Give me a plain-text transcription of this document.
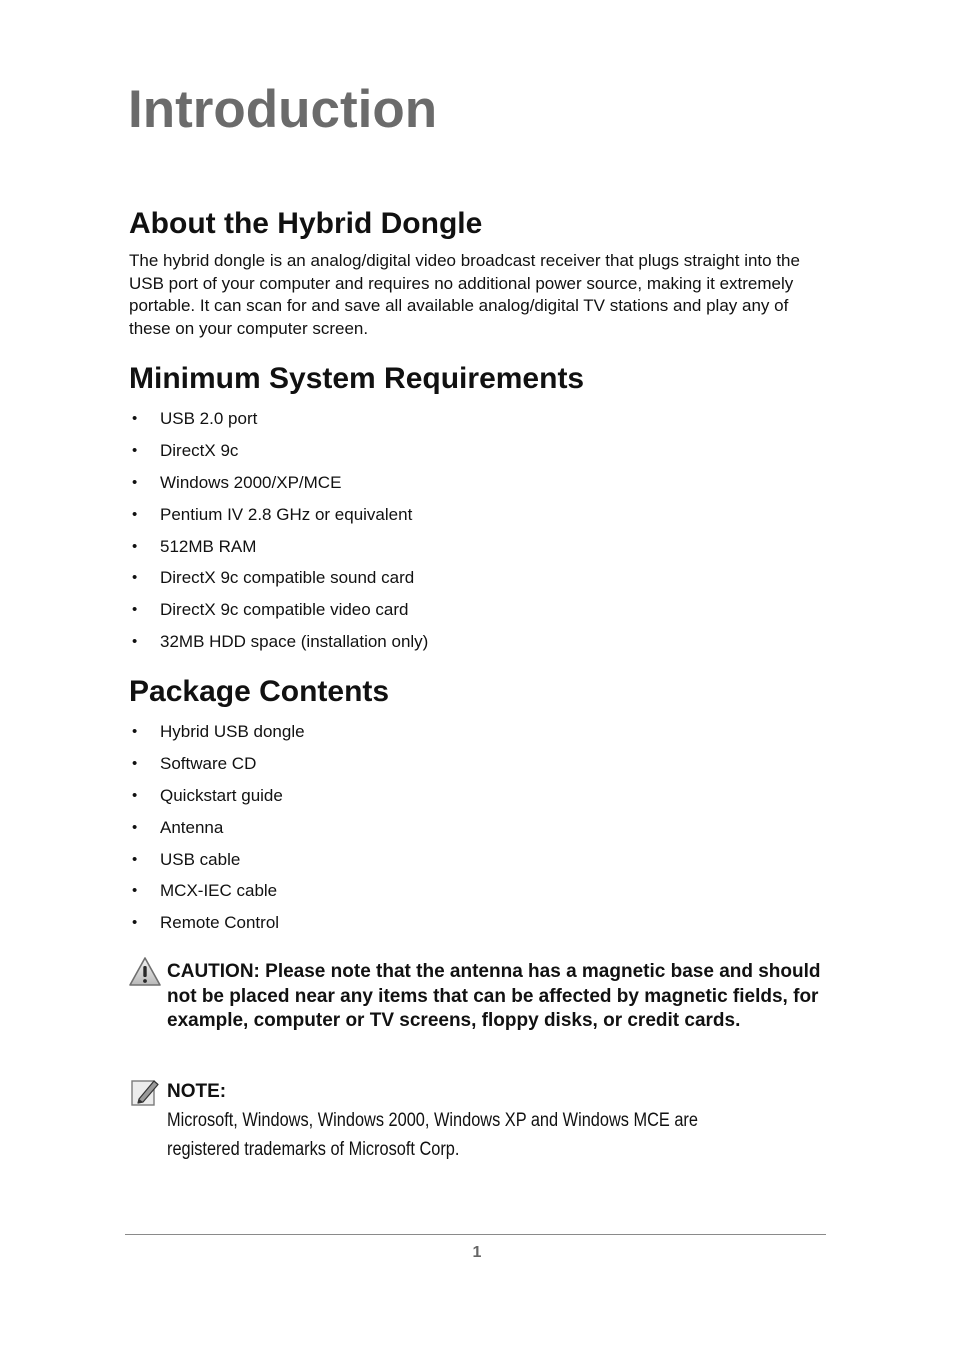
Introduction
About the Hybrid Dongle

The hybrid dongle is an analog/digital video broadcast receiver that plugs straight into the USB port of your computer and requires no additional power source, making it extremely portable. It can scan for and save all available analog/digital TV stations and play any of these on your computer screen.

Minimum System Requirements
• USB 2.0 port
• DirectX 9c
• Windows 2000/XP/MCE
• Pentium IV 2.8 GHz or equivalent
• 512MB RAM
• DirectX 9c compatible sound card
• DirectX 9c compatible video card
• 32MB HDD space (installation only)
Package Contents
• Hybrid USB dongle
• Software CD
• Quickstart guide
• Antenna
• USB cable
• MCX-IEC cable
• Remote Control

CAUTION: Please note that the antenna has a magnetic base and should not be placed near any items that can be affected by magnetic fields, for example, computer or TV screens, floppy disks, or credit cards.

NOTE: Microsoft, Windows, Windows 2000, Windows XP and Windows MCE are registered trademarks of Microsoft Corp.

1
